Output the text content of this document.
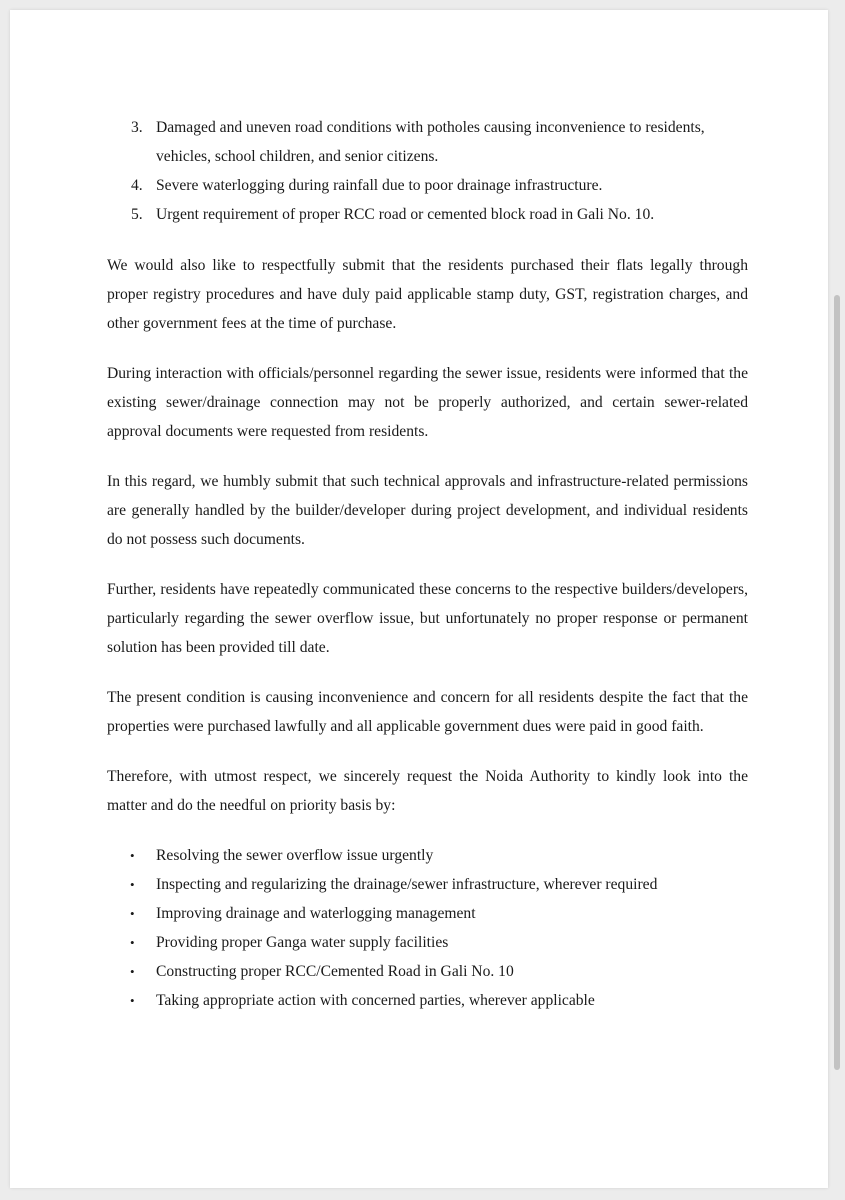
3. Damaged and uneven road conditions with potholes causing inconvenience to residents, vehicles, school children, and senior citizens.
4. Severe waterlogging during rainfall due to poor drainage infrastructure.
5. Urgent requirement of proper RCC road or cemented block road in Gali No. 10.

We would also like to respectfully submit that the residents purchased their flats legally through proper registry procedures and have duly paid applicable stamp duty, GST, registration charges, and other government fees at the time of purchase.

During interaction with officials/personnel regarding the sewer issue, residents were informed that the existing sewer/drainage connection may not be properly authorized, and certain sewer-related approval documents were requested from residents.

In this regard, we humbly submit that such technical approvals and infrastructure-related permissions are generally handled by the builder/developer during project development, and individual residents do not possess such documents.

Further, residents have repeatedly communicated these concerns to the respective builders/developers, particularly regarding the sewer overflow issue, but unfortunately no proper response or permanent solution has been provided till date.

The present condition is causing inconvenience and concern for all residents despite the fact that the properties were purchased lawfully and all applicable government dues were paid in good faith.

Therefore, with utmost respect, we sincerely request the Noida Authority to kindly look into the matter and do the needful on priority basis by:

• Resolving the sewer overflow issue urgently
• Inspecting and regularizing the drainage/sewer infrastructure, wherever required
• Improving drainage and waterlogging management
• Providing proper Ganga water supply facilities
• Constructing proper RCC/Cemented Road in Gali No. 10
• Taking appropriate action with concerned parties, wherever applicable
